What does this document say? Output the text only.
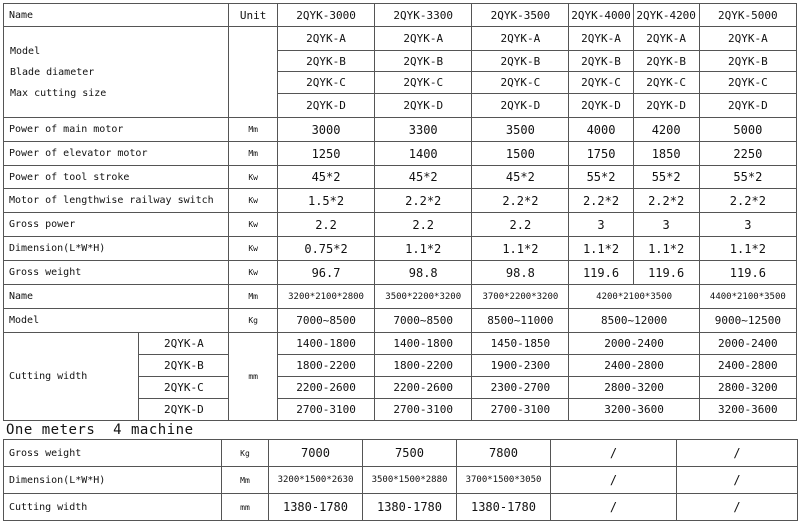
Name		Unit	2QYK-3000	2QYK-3300	2QYK-3500	2QYK-4000	2QYK-4200	2QYK-5000

Model
Blade diameter
Max cutting size			2QYK-A	2QYK-A	2QYK-A	2QYK-A	2QYK-A	2QYK-A
			2QYK-B	2QYK-B	2QYK-B	2QYK-B	2QYK-B	2QYK-B
			2QYK-C	2QYK-C	2QYK-C	2QYK-C	2QYK-C	2QYK-C
			2QYK-D	2QYK-D	2QYK-D	2QYK-D	2QYK-D	2QYK-D
Power of main motor		Mm	3000	3300	3500	4000	4200	5000
Power of elevator motor		Mm	1250	1400	1500	1750	1850	2250
Power of tool stroke		Kw	45*2	45*2	45*2	55*2	55*2	55*2
Motor of lengthwise railway switch		Kw	1.5*2	2.2*2	2.2*2	2.2*2	2.2*2	2.2*2
Gross power		Kw	2.2	2.2	2.2	3	3	3
Dimension(L*W*H)		Kw	0.75*2	1.1*2	1.1*2	1.1*2	1.1*2	1.1*2
Gross weight		Kw	96.7	98.8	98.8	119.6	119.6	119.6
Name		Mm	3200*2100*2800	3500*2200*3200	3700*2200*3200	4200*2100*3500		4400*2100*3500
Model		Kg	7000~8500	7000~8500	8500~11000	8500~12000		9000~12500
Cutting width	2QYK-A	mm	1400-1800	1400-1800	1450-1850	2000-2400		2000-2400
	2QYK-B		1800-2200	1800-2200	1900-2300	2400-2800		2400-2800
	2QYK-C		2200-2600	2200-2600	2300-2700	2800-3200		2800-3200
	2QYK-D		2700-3100	2700-3100	2700-3100	3200-3600		3200-3600
One meters  4 machine
Gross weight	Kg	7000	7500	7800	/	/
Dimension(L*W*H)	Mm	3200*1500*2630	3500*1500*2880	3700*1500*3050	/	/
Cutting width	mm	1380-1780	1380-1780	1380-1780	/	/
